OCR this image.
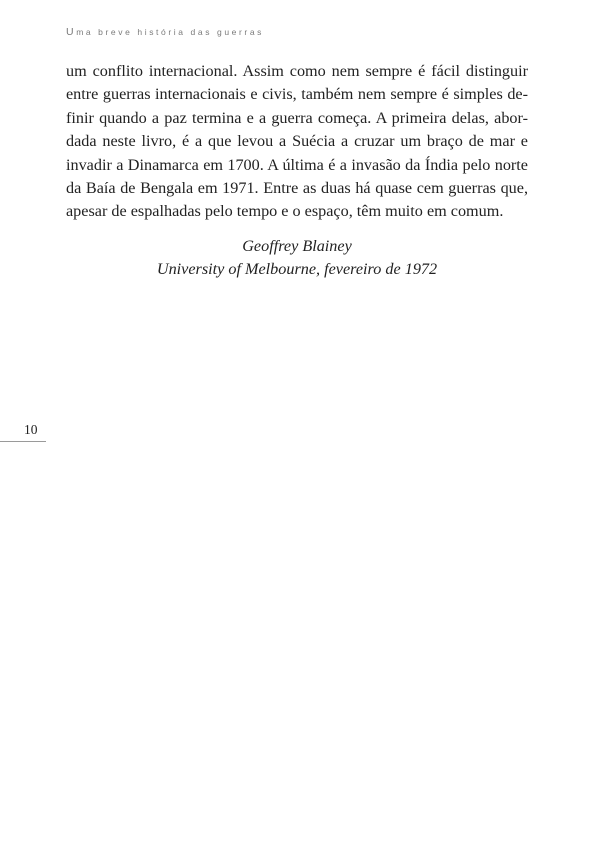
Uma breve história das guerras
um conflito internacional. Assim como nem sempre é fácil distinguir
entre guerras internacionais e civis, também nem sempre é simples de-
finir quando a paz termina e a guerra começa. A primeira delas, abor-
dada neste livro, é a que levou a Suécia a cruzar um braço de mar e
invadir a Dinamarca em 1700. A última é a invasão da Índia pelo norte
da Baía de Bengala em 1971. Entre as duas há quase cem guerras que,
apesar de espalhadas pelo tempo e o espaço, têm muito em comum.
Geoffrey Blainey
University of Melbourne, fevereiro de 1972
10
